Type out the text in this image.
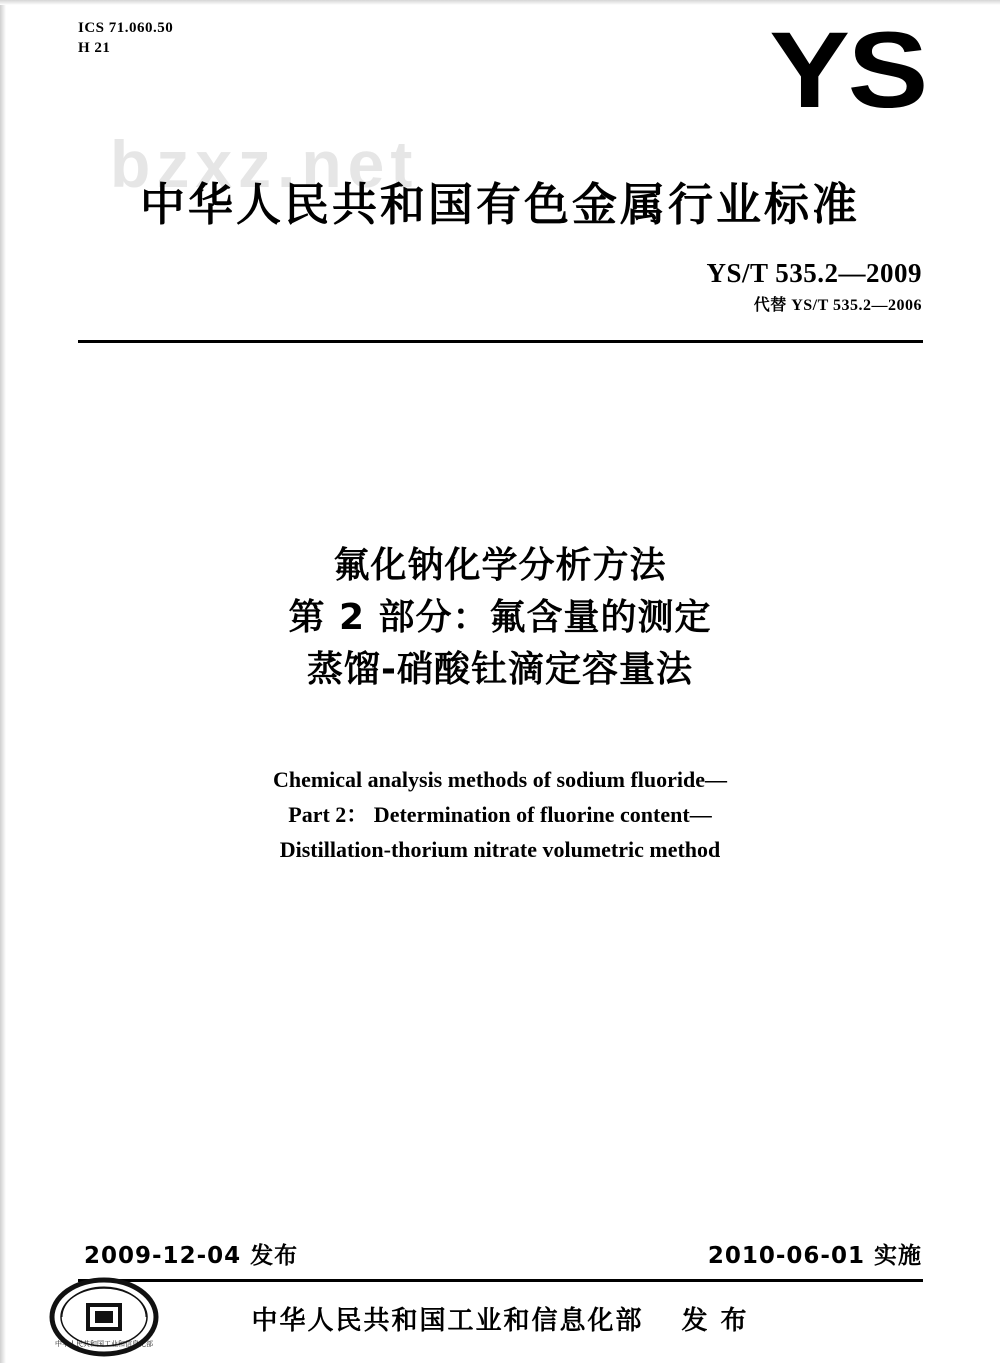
ICS 71.060.50
H 21	YS
bzxz.net
中华人民共和国有色金属行业标准
YS/T 535.2—2009
代替 YS/T 535.2—2006
氟化钠化学分析方法
第 2 部分：氟含量的测定
蒸馏-硝酸钍滴定容量法
Chemical analysis methods of sodium fluoride—
Part 2： Determination of fluorine content—
Distillation-thorium nitrate volumetric method
2009-12-04 发布	2010-06-01 实施
中华人民共和国工业和信息化部
中华人民共和国工业和信息化部 发 布
